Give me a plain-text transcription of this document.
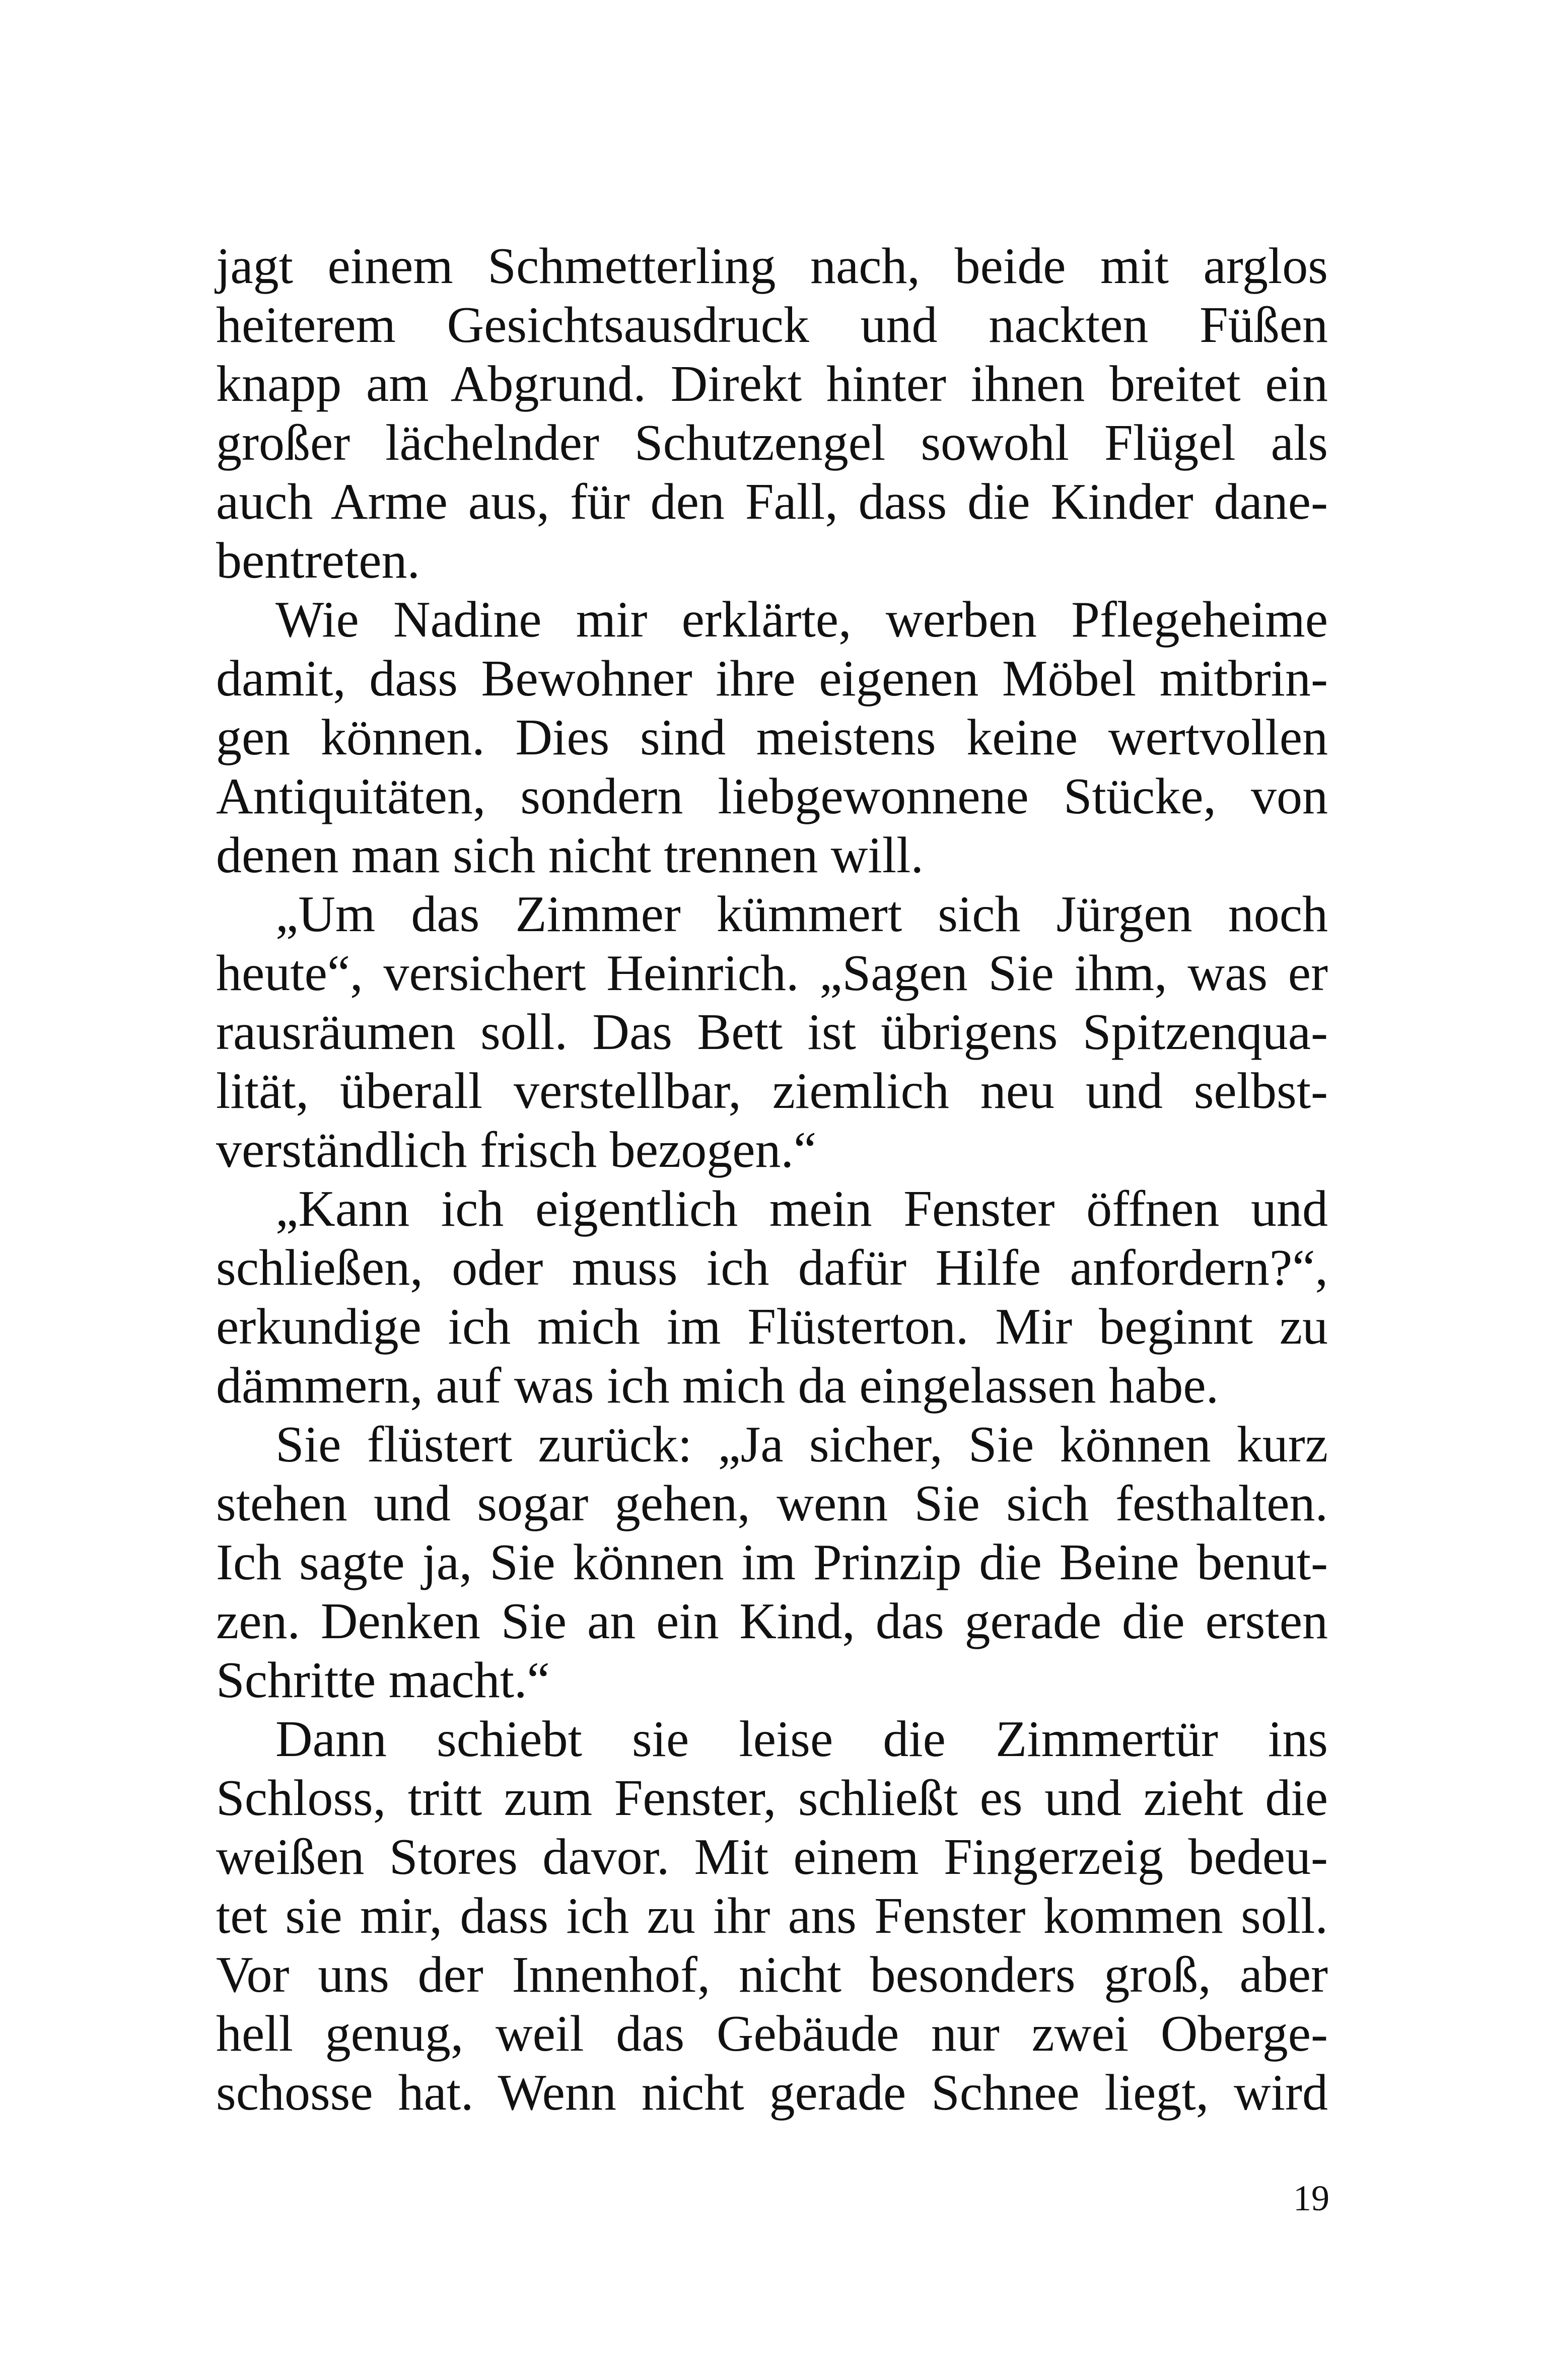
jagt einem Schmetterling nach, beide mit arglos
heiterem Gesichtsausdruck und nackten Füßen
knapp am Abgrund. Direkt hinter ihnen breitet ein
großer lächelnder Schutzengel sowohl Flügel als
auch Arme aus, für den Fall, dass die Kinder dane-
bentreten.
Wie Nadine mir erklärte, werben Pflegeheime
damit, dass Bewohner ihre eigenen Möbel mitbrin-
gen können. Dies sind meistens keine wertvollen
Antiquitäten, sondern liebgewonnene Stücke, von
denen man sich nicht trennen will.
„Um das Zimmer kümmert sich Jürgen noch
heute“, versichert Heinrich. „Sagen Sie ihm, was er
rausräumen soll. Das Bett ist übrigens Spitzenqua-
lität, überall verstellbar, ziemlich neu und selbst-
verständlich frisch bezogen.“
„Kann ich eigentlich mein Fenster öffnen und
schließen, oder muss ich dafür Hilfe anfordern?“,
erkundige ich mich im Flüsterton. Mir beginnt zu
dämmern, auf was ich mich da eingelassen habe.
Sie flüstert zurück: „Ja sicher, Sie können kurz
stehen und sogar gehen, wenn Sie sich festhalten.
Ich sagte ja, Sie können im Prinzip die Beine benut-
zen. Denken Sie an ein Kind, das gerade die ersten
Schritte macht.“
Dann schiebt sie leise die Zimmertür ins
Schloss, tritt zum Fenster, schließt es und zieht die
weißen Stores davor. Mit einem Fingerzeig bedeu-
tet sie mir, dass ich zu ihr ans Fenster kommen soll.
Vor uns der Innenhof, nicht besonders groß, aber
hell genug, weil das Gebäude nur zwei Oberge-
schosse hat. Wenn nicht gerade Schnee liegt, wird
19
